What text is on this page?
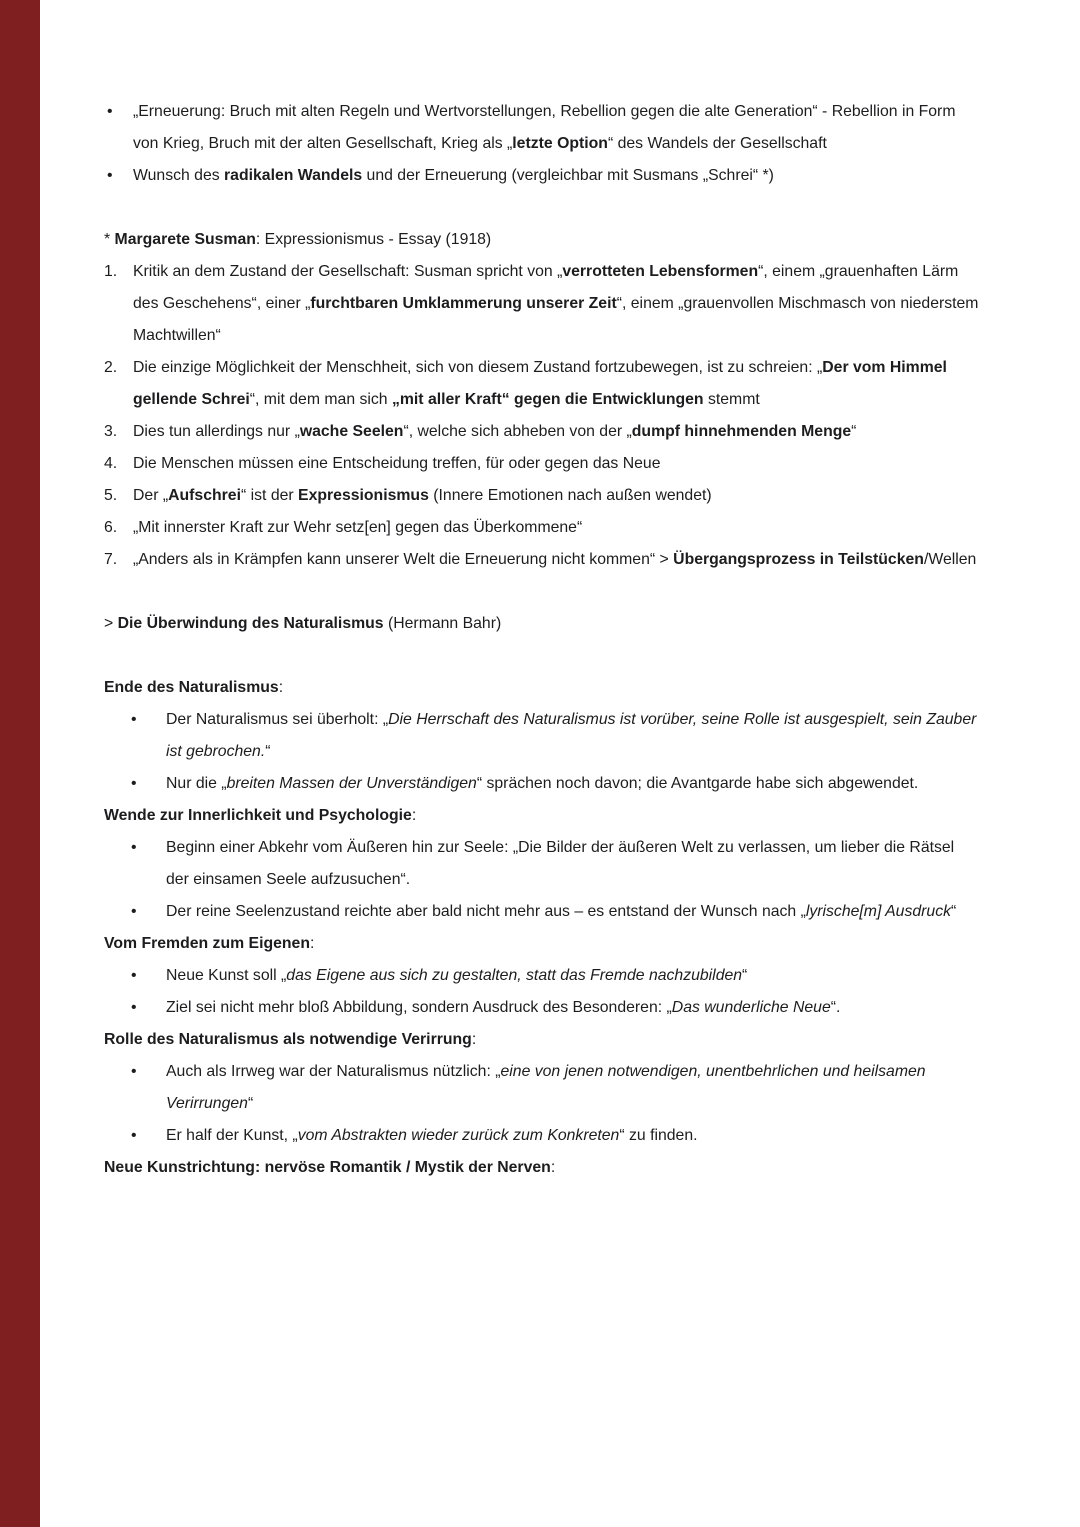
•	„Erneuerung: Bruch mit alten Regeln und Wertvorstellungen, Rebellion gegen die alte Generation“ - Rebellion in Form von Krieg, Bruch mit der alten Gesellschaft, Krieg als „letzte Option“ des Wandels der Gesellschaft
•	Wunsch des radikalen Wandels und der Erneuerung (vergleichbar mit Susmans „Schrei“ *)
* Margarete Susman: Expressionismus - Essay (1918)
1.	Kritik an dem Zustand der Gesellschaft: Susman spricht von „verrotteten Lebensformen“, einem „grauenhaften Lärm des Geschehens“, einer „furchtbaren Umklammerung unserer Zeit“, einem „grauenvollen Mischmasch von niederstem Machtwillen“
2.	Die einzige Möglichkeit der Menschheit, sich von diesem Zustand fortzubewegen, ist zu schreien: „Der vom Himmel gellende Schrei“, mit dem man sich „mit aller Kraft“ gegen die Entwicklungen stemmt
3.	Dies tun allerdings nur „wache Seelen“, welche sich abheben von der „dumpf hinnehmenden Menge“
4.	Die Menschen müssen eine Entscheidung treffen, für oder gegen das Neue
5.	Der „Aufschrei“ ist der Expressionismus (Innere Emotionen nach außen wendet)
6.	„Mit innerster Kraft zur Wehr setz[en] gegen das Überkommene“
7.	„Anders als in Krämpfen kann unserer Welt die Erneuerung nicht kommen“ > Übergangsprozess in Teilstücken/Wellen
> Die Überwindung des Naturalismus (Hermann Bahr)
Ende des Naturalismus:
•	Der Naturalismus sei überholt: „Die Herrschaft des Naturalismus ist vorüber, seine Rolle ist ausgespielt, sein Zauber ist gebrochen.“
•	Nur die „breiten Massen der Unverständigen“ sprächen noch davon; die Avantgarde habe sich abgewendet.
Wende zur Innerlichkeit und Psychologie:
•	Beginn einer Abkehr vom Äußeren hin zur Seele: „Die Bilder der äußeren Welt zu verlassen, um lieber die Rätsel der einsamen Seele aufzusuchen“.
•	Der reine Seelenzustand reichte aber bald nicht mehr aus – es entstand der Wunsch nach „lyrische[m] Ausdruck“
Vom Fremden zum Eigenen:
•	Neue Kunst soll „das Eigene aus sich zu gestalten, statt das Fremde nachzubilden“
•	Ziel sei nicht mehr bloß Abbildung, sondern Ausdruck des Besonderen: „Das wunderliche Neue“.
Rolle des Naturalismus als notwendige Verirrung:
•	Auch als Irrweg war der Naturalismus nützlich: „eine von jenen notwendigen, unentbehrlichen und heilsamen Verirrungen“
•	Er half der Kunst, „vom Abstrakten wieder zurück zum Konkreten“ zu finden.
Neue Kunstrichtung: nervöse Romantik / Mystik der Nerven:
